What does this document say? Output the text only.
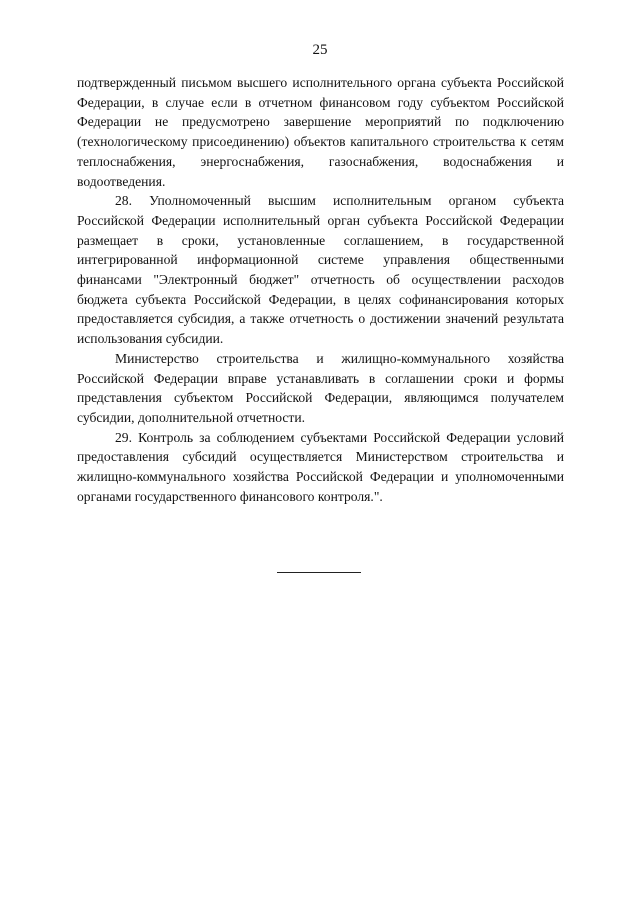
25

подтвержденный письмом высшего исполнительного органа субъекта Российской Федерации, в случае если в отчетном финансовом году субъектом Российской Федерации не предусмотрено завершение мероприятий по подключению (технологическому присоединению) объектов капитального строительства к сетям теплоснабжения, энергоснабжения, газоснабжения, водоснабжения и водоотведения.

28. Уполномоченный высшим исполнительным органом субъекта Российской Федерации исполнительный орган субъекта Российской Федерации размещает в сроки, установленные соглашением, в государственной интегрированной информационной системе управления общественными финансами "Электронный бюджет" отчетность об осуществлении расходов бюджета субъекта Российской Федерации, в целях софинансирования которых предоставляется субсидия, а также отчетность о достижении значений результата использования субсидии.

Министерство строительства и жилищно-коммунального хозяйства Российской Федерации вправе устанавливать в соглашении сроки и формы представления субъектом Российской Федерации, являющимся получателем субсидии, дополнительной отчетности.

29. Контроль за соблюдением субъектами Российской Федерации условий предоставления субсидий осуществляется Министерством строительства и жилищно-коммунального хозяйства Российской Федерации и уполномоченными органами государственного финансового контроля.".
